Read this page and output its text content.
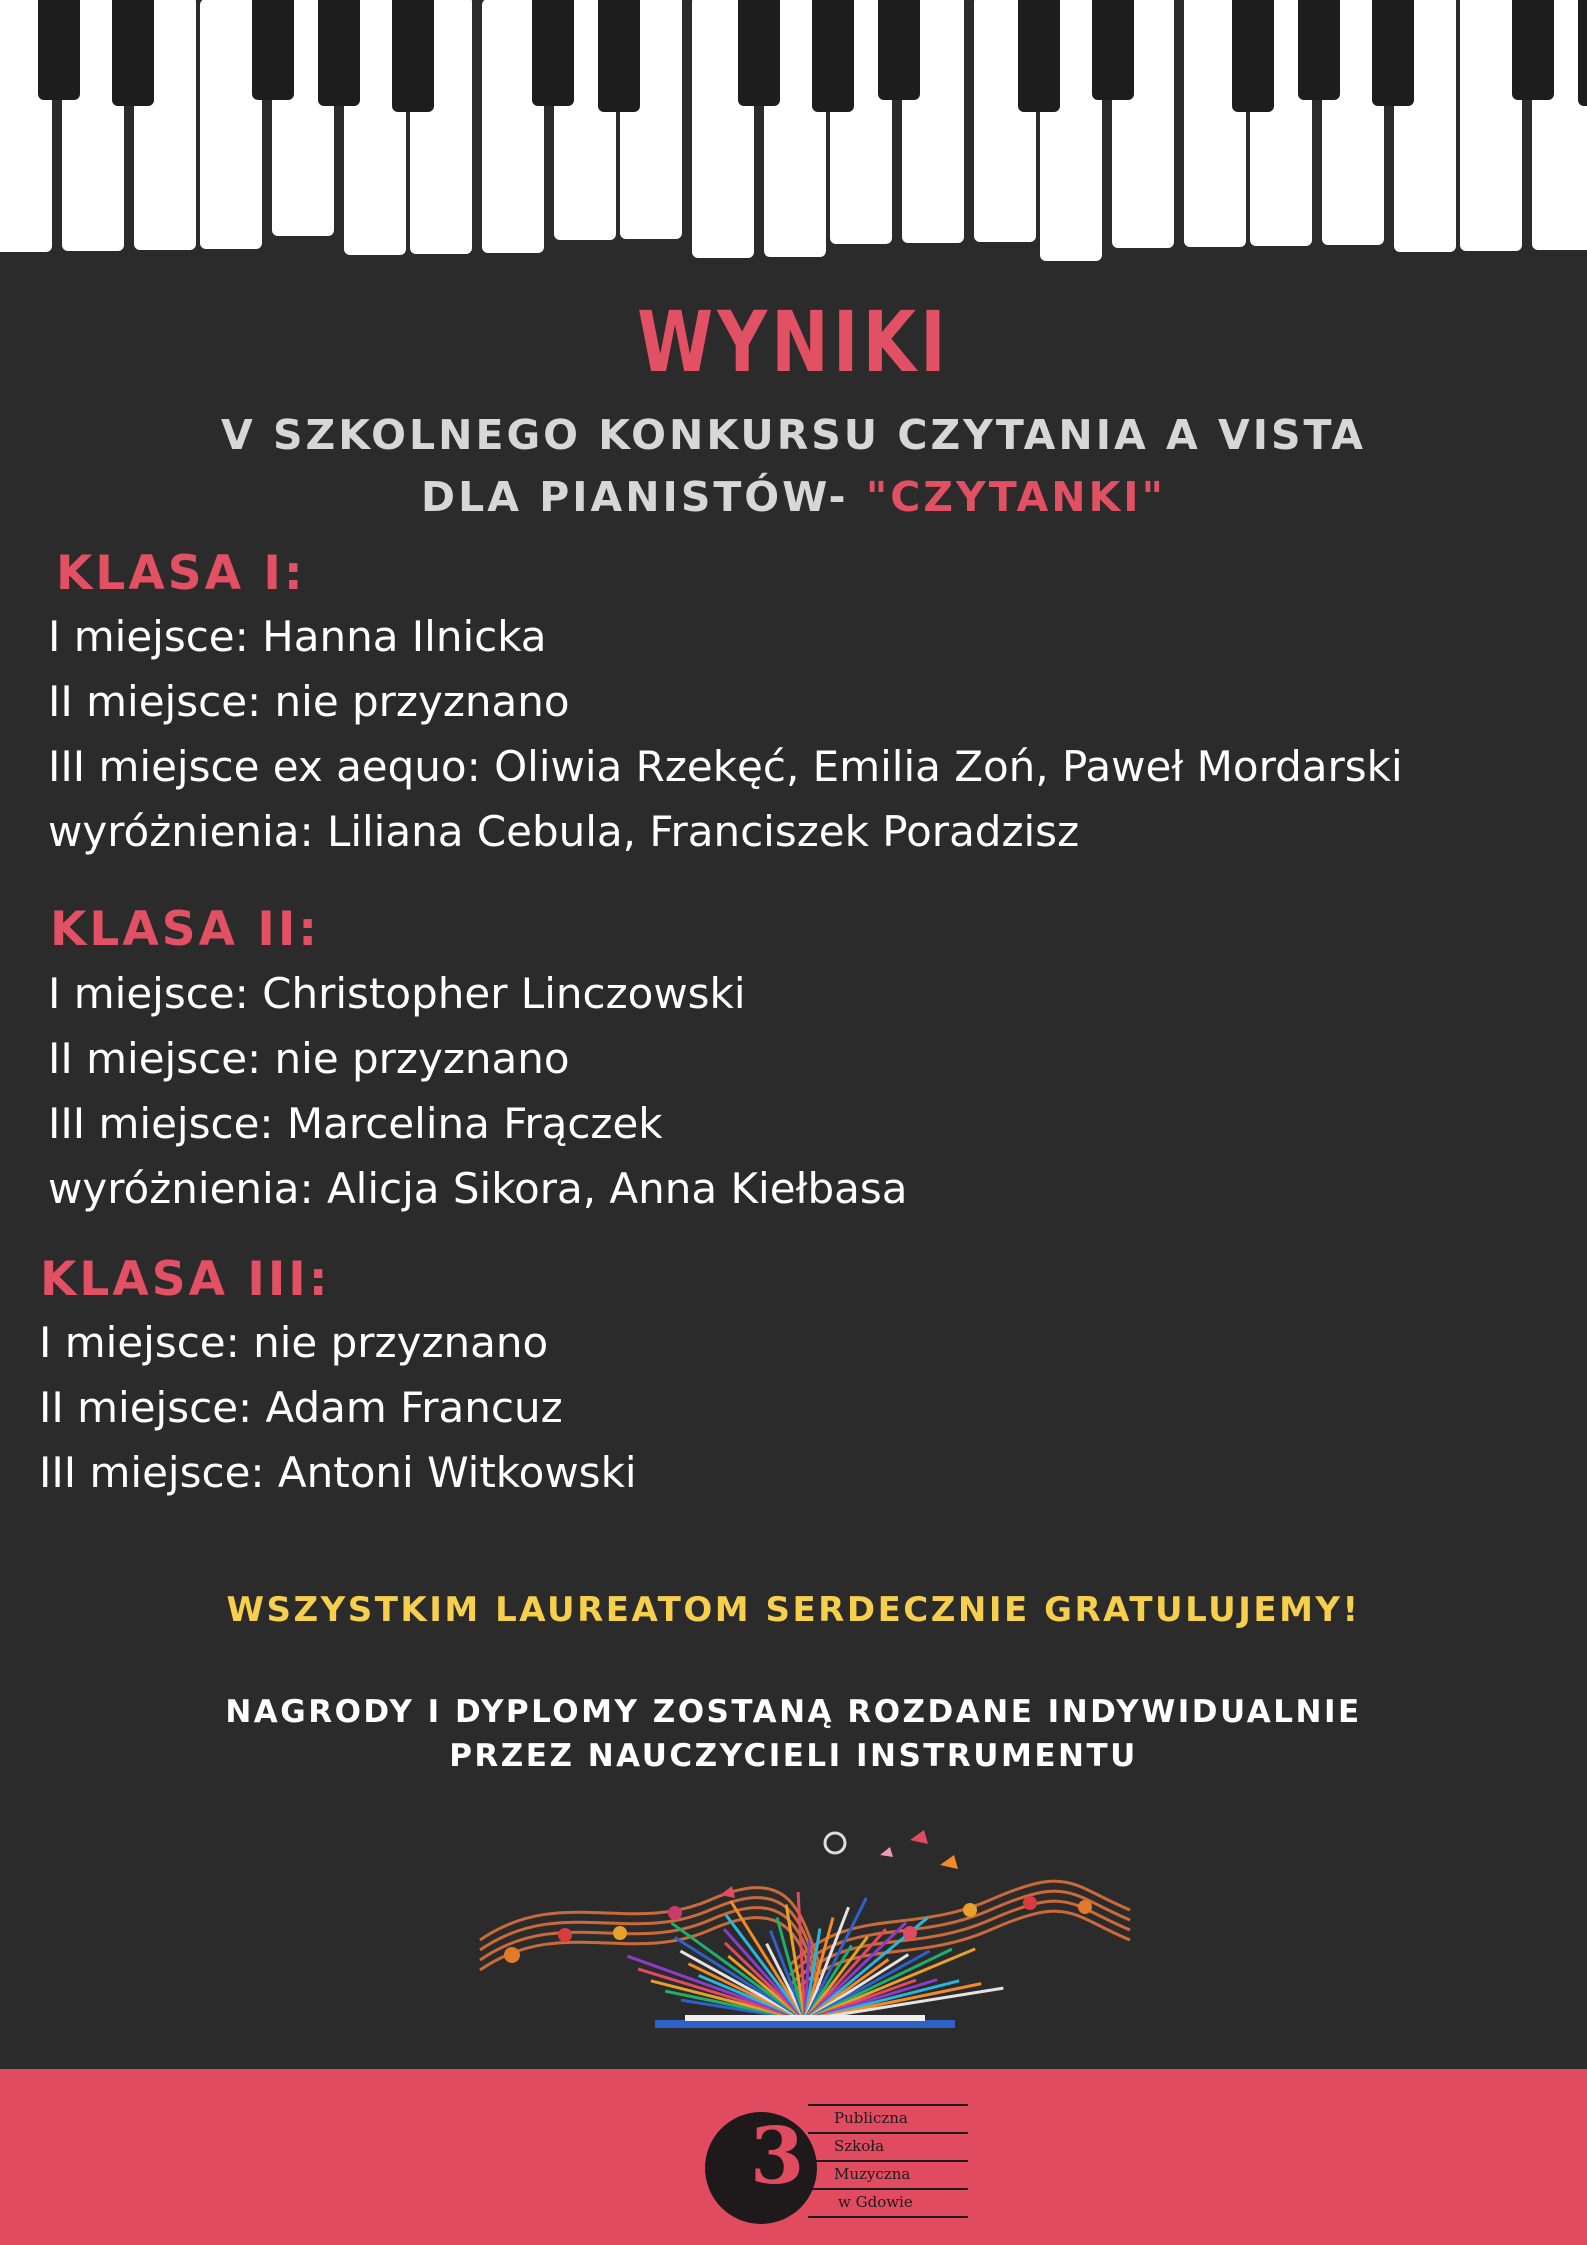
WYNIKI
V SZKOLNEGO KONKURSU CZYTANIA A VISTA
DLA PIANISTÓW- "CZYTANKI"
KLASA I:
I miejsce: Hanna Ilnicka
II miejsce: nie przyznano
III miejsce ex aequo: Oliwia Rzekęć, Emilia Zoń, Paweł Mordarski
wyróżnienia: Liliana Cebula, Franciszek Poradzisz
KLASA II:
I miejsce: Christopher Linczowski
II miejsce: nie przyznano
III miejsce: Marcelina Frączek
wyróżnienia: Alicja Sikora, Anna Kiełbasa
KLASA III:
I miejsce: nie przyznano
II miejsce: Adam Francuz
III miejsce: Antoni Witkowski
WSZYSTKIM LAUREATOM SERDECZNIE GRATULUJEMY!
NAGRODY I DYPLOMY ZOSTANĄ ROZDANE INDYWIDUALNIE
PRZEZ NAUCZYCIELI INSTRUMENTU
3 Publiczna
Szkoła
Muzyczna
w Gdowie
